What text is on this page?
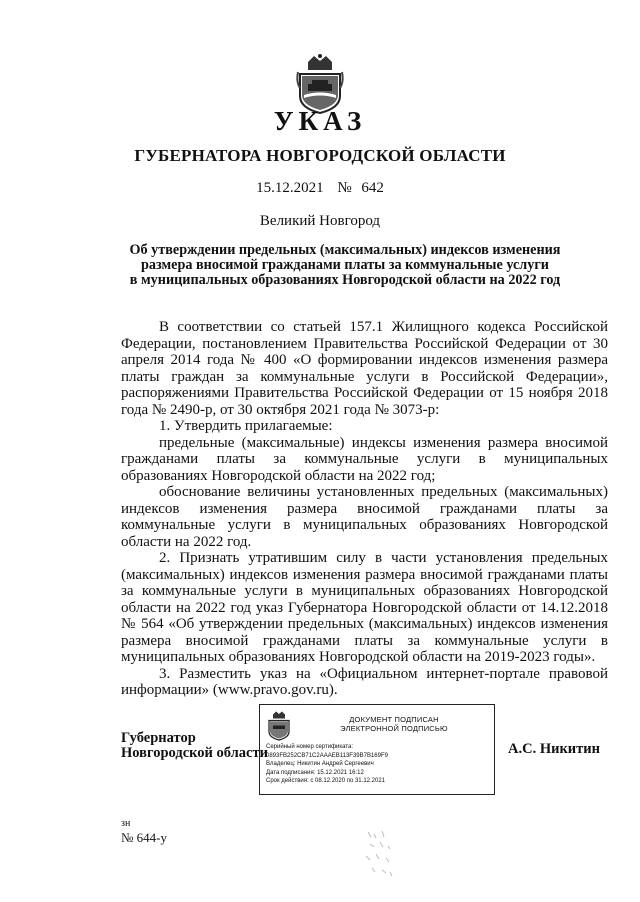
УКАЗ
ГУБЕРНАТОРА НОВГОРОДСКОЙ ОБЛАСТИ
15.12.2021 № 642
Великий Новгород
Об утверждении предельных (максимальных) индексов изменения
размера вносимой гражданами платы за коммунальные услуги
в муниципальных образованиях Новгородской области на 2022 год

В соответствии со статьей 157.1 Жилищного кодекса Российской Федерации, постановлением Правительства Российской Федерации от 30 апреля 2014 года № 400 «О формировании индексов изменения размера платы граждан за коммунальные услуги в Российской Федерации», распоряжениями Правительства Российской Федерации от 15 ноября 2018 года № 2490-р, от 30 октября 2021 года № 3073-р:

1. Утвердить прилагаемые:

предельные (максимальные) индексы изменения размера вносимой гражданами платы за коммунальные услуги в муниципальных образованиях Новгородской области на 2022 год;

обоснование величины установленных предельных (максимальных) индексов изменения размера вносимой гражданами платы за коммунальные услуги в муниципальных образованиях Новгородской области на 2022 год.

2. Признать утратившим силу в части установления предельных (максимальных) индексов изменения размера вносимой гражданами платы за коммунальные услуги в муниципальных образованиях Новгородской области на 2022 год указ Губернатора Новгородской области от 14.12.2018 № 564 «Об утверждении предельных (максимальных) индексов изменения размера вносимой гражданами платы за коммунальные услуги в муниципальных образованиях Новгородской области на 2019-2023 годы».

3. Разместить указ на «Официальном интернет-портале правовой информации» (www.pravo.gov.ru).

Губернатор
Новгородской области
ДОКУМЕНТ ПОДПИСАН
ЭЛЕКТРОННОЙ ПОДПИСЬЮ
Серийный номер сертификата:
0893FB252CB71C2AAAEB113F39B7B169F9
Владелец: Никитин Андрей Сергеевич
Дата подписания: 15.12.2021 16:12
Срок действия: с 08.12.2020 по 31.12.2021
А.С. Никитин
зн
№ 644-у
